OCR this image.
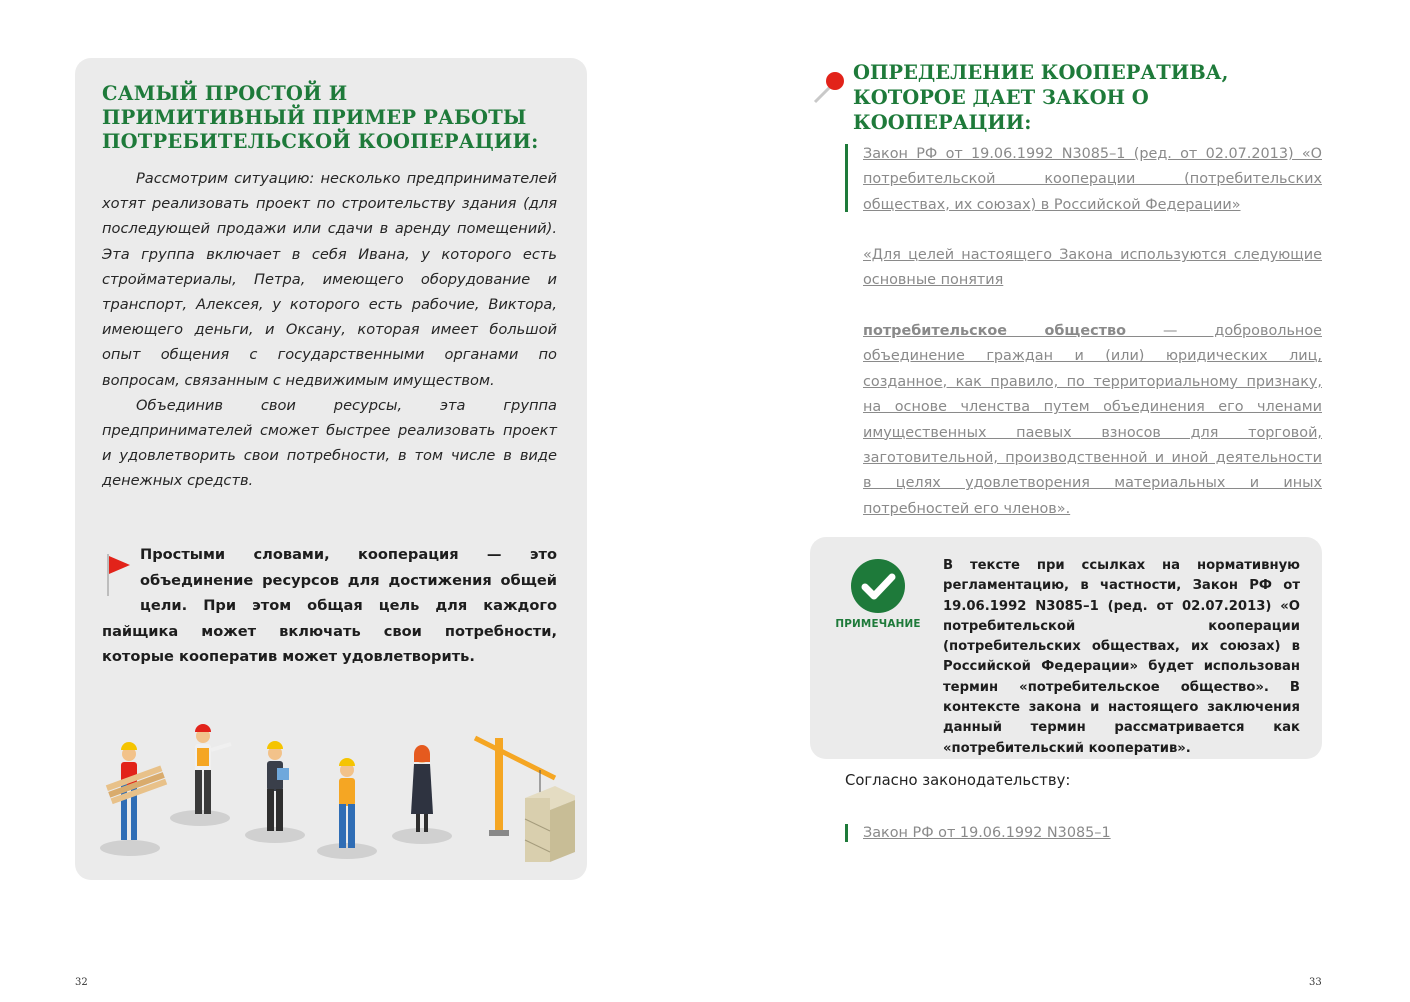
САМЫЙ ПРОСТОЙ И ПРИМИТИВНЫЙ ПРИМЕР РАБОТЫ ПОТРЕБИТЕЛЬСКОЙ КООПЕРАЦИИ:

Рассмотрим ситуацию: несколько предпринимателей хотят реализовать проект по строительству здания (для последующей продажи или сдачи в аренду помещений). Эта группа включает в себя Ивана, у которого есть стройматериалы, Петра, имеющего оборудование и транспорт, Алексея, у которого есть рабочие, Виктора, имеющего деньги, и Оксану, которая имеет большой опыт общения с государственными органами по вопросам, связанным с недвижимым имуществом.

Объединив свои ресурсы, эта группа предпринимателей сможет быстрее реализовать проект и удовлетворить свои потребности, в том числе в виде денежных средств.

Простыми словами, кооперация — это объединение ресурсов для достижения общей цели. При этом общая цель для каждого пайщика может включать свои потребности, которые кооператив может удовлетворить.
32
ОПРЕДЕЛЕНИЕ КООПЕРАТИВА, КОТОРОЕ ДАЕТ ЗАКОН О КООПЕРАЦИИ:

Закон РФ от 19.06.1992 N3085–1 (ред. от 02.07.2013) «О потребительской кооперации (потребительских обществах, их союзах) в Российской Федерации»

«Для целей настоящего Закона используются следующие основные понятия

потребительское общество — добровольное объединение граждан и (или) юридических лиц, созданное, как правило, по территориальному признаку, на основе членства путем объединения его членами имущественных паевых взносов для торговой, заготовительной, производственной и иной деятельности в целях удовлетворения материальных и иных потребностей его членов».

ПРИМЕЧАНИЕ

В тексте при ссылках на нормативную регламентацию, в частности, Закон РФ от 19.06.1992 N3085–1 (ред. от 02.07.2013) «О потребительской кооперации (потребительских обществах, их союзах) в Российской Федерации» будет использован термин «потребительское общество». В контексте закона и настоящего заключения данный термин рассматривается как «потребительский кооператив».

Согласно законодательству:

Закон РФ от 19.06.1992 N3085–1

33
